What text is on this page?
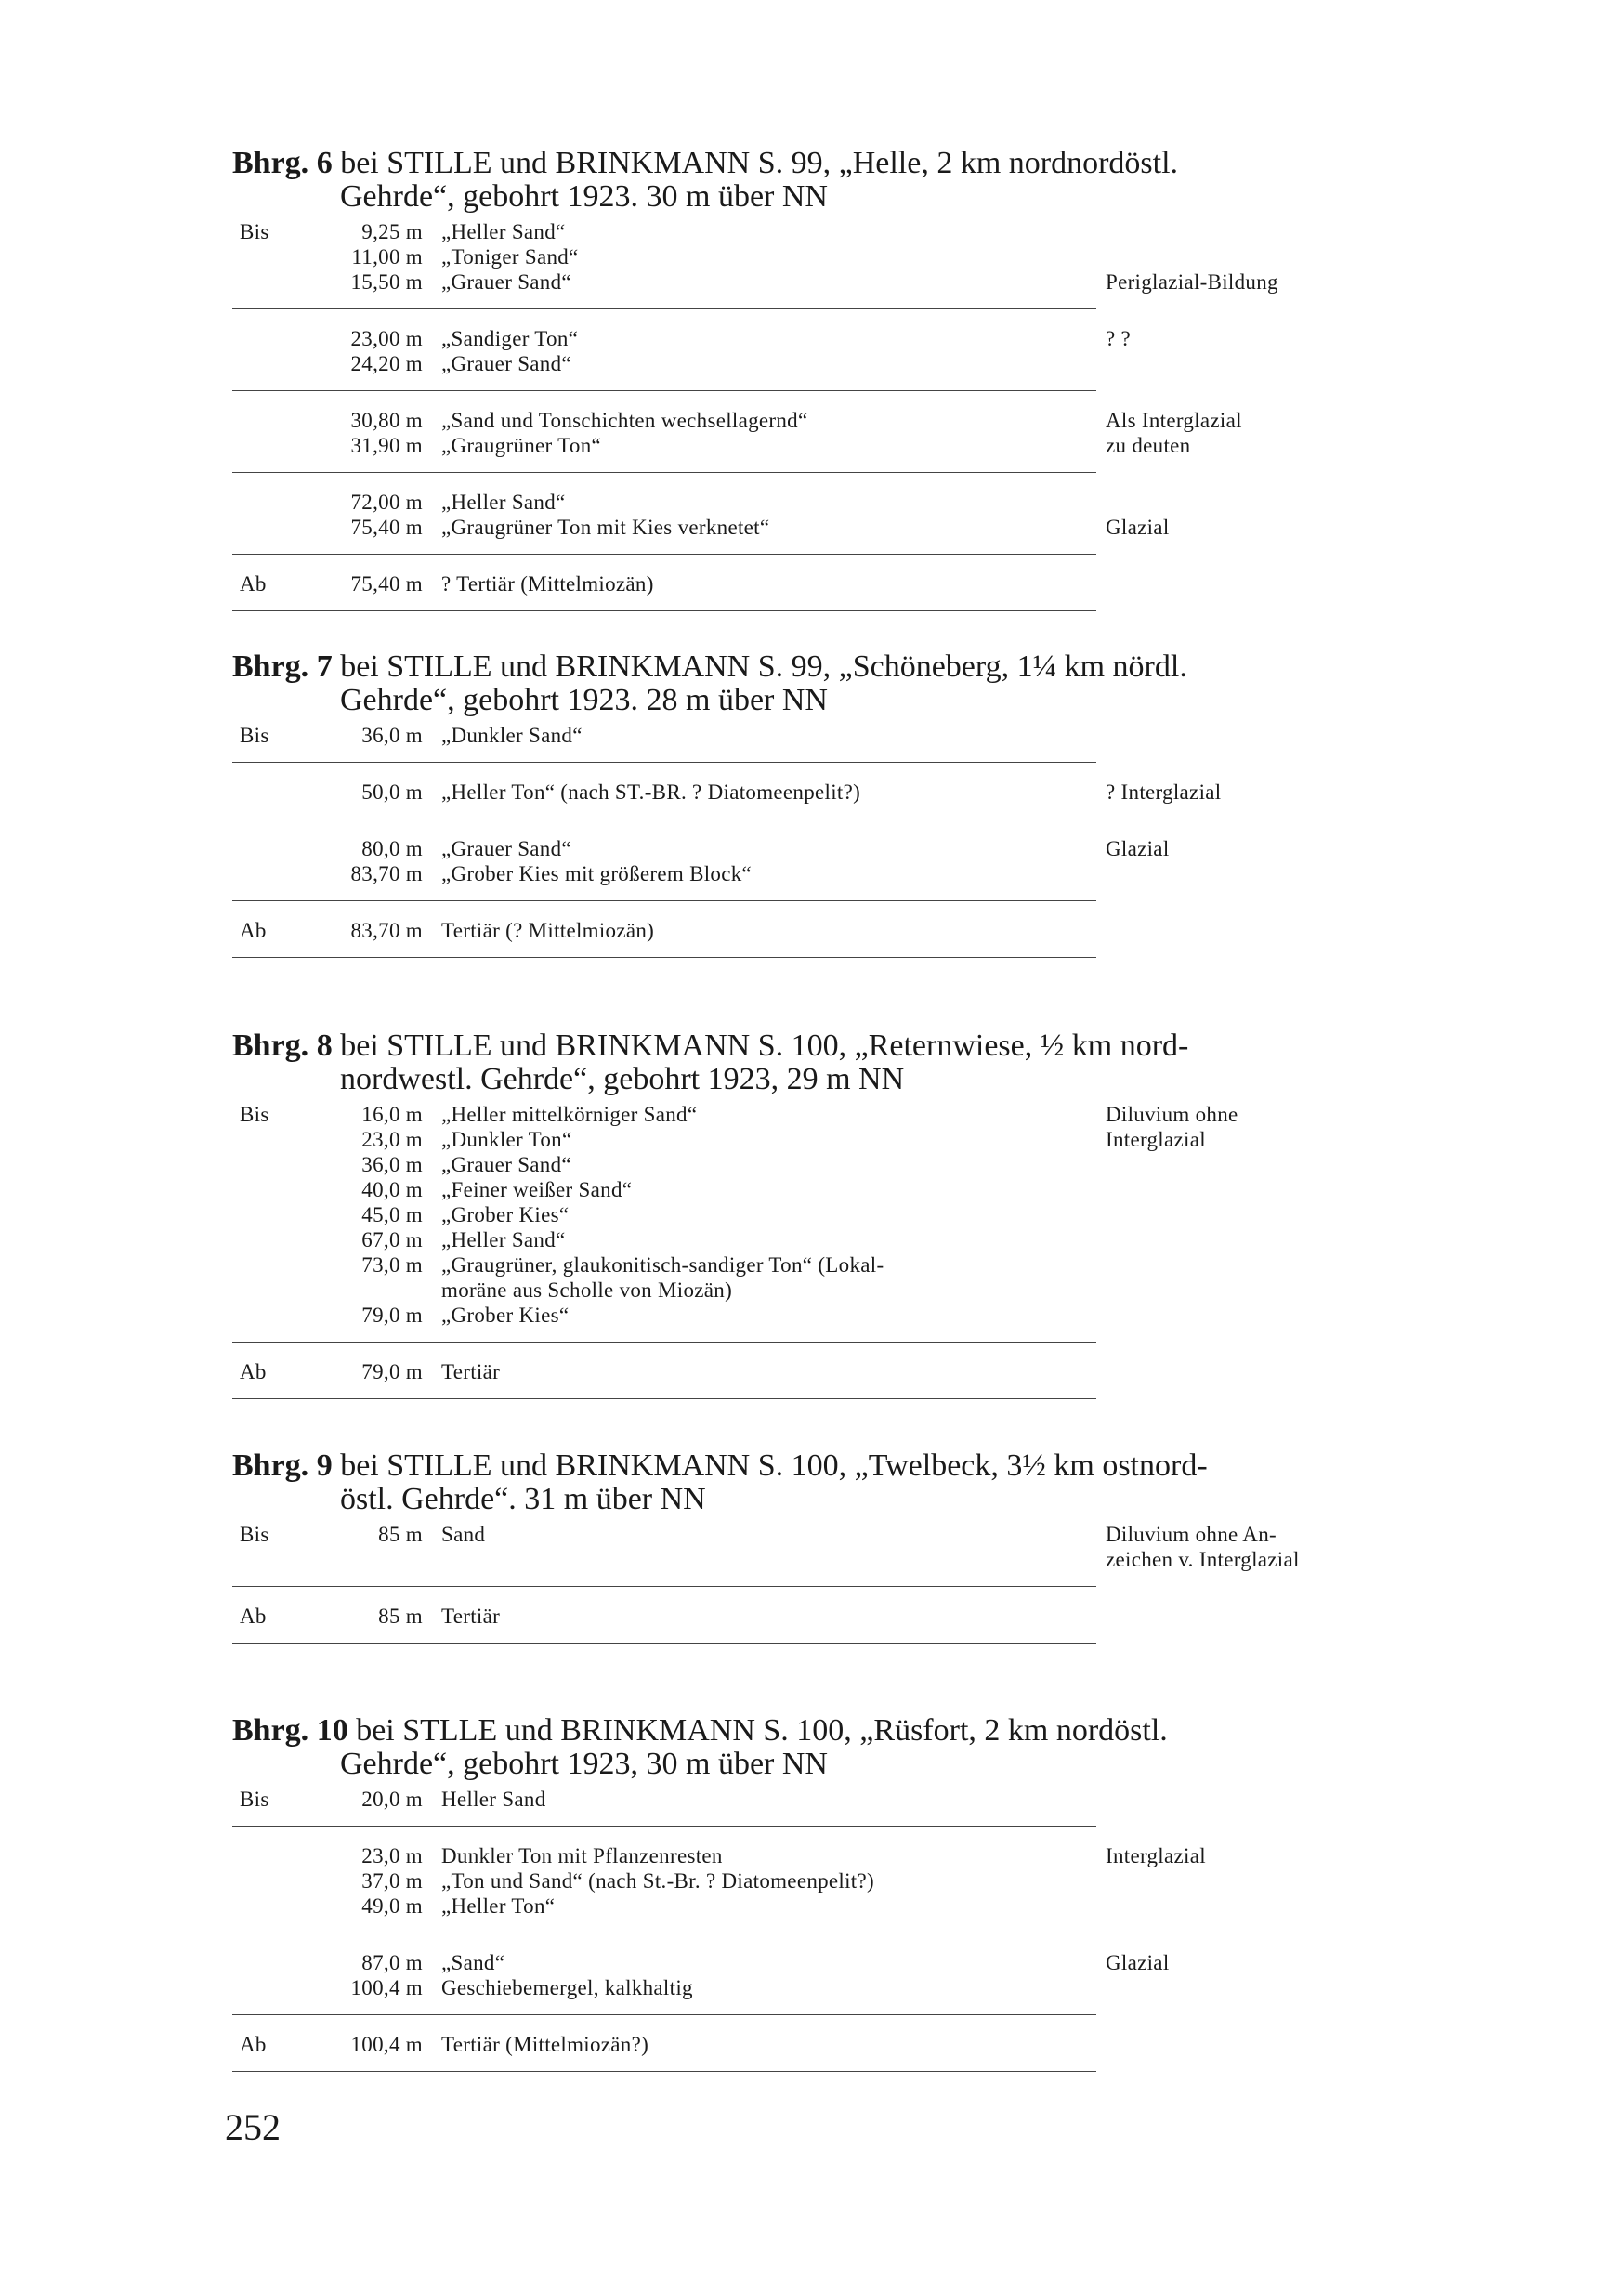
Bhrg. 6 bei STILLE und BRINKMANN S. 99, „Helle, 2 km nordnordöstl.
Gehrde“, gebohrt 1923. 30 m über NN

Bis	9,25 m „Heller Sand“
11,00 m „Toniger Sand“
15,50 m „Grauer Sand“	Periglazial-Bildung
23,00 m „Sandiger Ton“	? ?
24,20 m „Grauer Sand“
30,80 m „Sand und Tonschichten wechsellagernd“	Als Interglazial
31,90 m „Graugrüner Ton“	zu deuten
72,00 m „Heller Sand“
75,40 m „Graugrüner Ton mit Kies verknetet“	Glazial
Ab	75,40 m ? Tertiär (Mittelmiozän)

Bhrg. 7 bei STILLE und BRINKMANN S. 99, „Schöneberg, 1¼ km nördl.
Gehrde“, gebohrt 1923. 28 m über NN

Bis	36,0 m „Dunkler Sand“
50,0 m „Heller Ton“ (nach ST.-BR. ? Diatomeenpelit?)	? Interglazial
80,0 m „Grauer Sand“	Glazial
83,70 m „Grober Kies mit größerem Block“
Ab	83,70 m Tertiär (? Mittelmiozän)

Bhrg. 8 bei STILLE und BRINKMANN S. 100, „Reternwiese, ½ km nord-
nordwestl. Gehrde“, gebohrt 1923, 29 m NN

Bis	16,0 m „Heller mittelkörniger Sand“	Diluvium ohne
23,0 m „Dunkler Ton“	Interglazial
36,0 m „Grauer Sand“
40,0 m „Feiner weißer Sand“
45,0 m „Grober Kies“
67,0 m „Heller Sand“
73,0 m „Graugrüner, glaukonitisch-sandiger Ton“ (Lokal-
moräne aus Scholle von Miozän)
79,0 m „Grober Kies“
Ab	79,0 m Tertiär

Bhrg. 9 bei STILLE und BRINKMANN S. 100, „Twelbeck, 3½ km ostnord-
östl. Gehrde“. 31 m über NN

Bis	85 m Sand	Diluvium ohne An-
zeichen v. Interglazial
Ab	85 m Tertiär

Bhrg. 10 bei STLLE und BRINKMANN S. 100, „Rüsfort, 2 km nordöstl.
Gehrde“, gebohrt 1923, 30 m über NN

Bis	20,0 m Heller Sand
23,0 m Dunkler Ton mit Pflanzenresten	Interglazial
37,0 m „Ton und Sand“ (nach St.-Br. ? Diatomeenpelit?)
49,0 m „Heller Ton“
87,0 m „Sand“	Glazial
100,4 m Geschiebemergel, kalkhaltig
Ab	100,4 m Tertiär (Mittelmiozän?)
252
